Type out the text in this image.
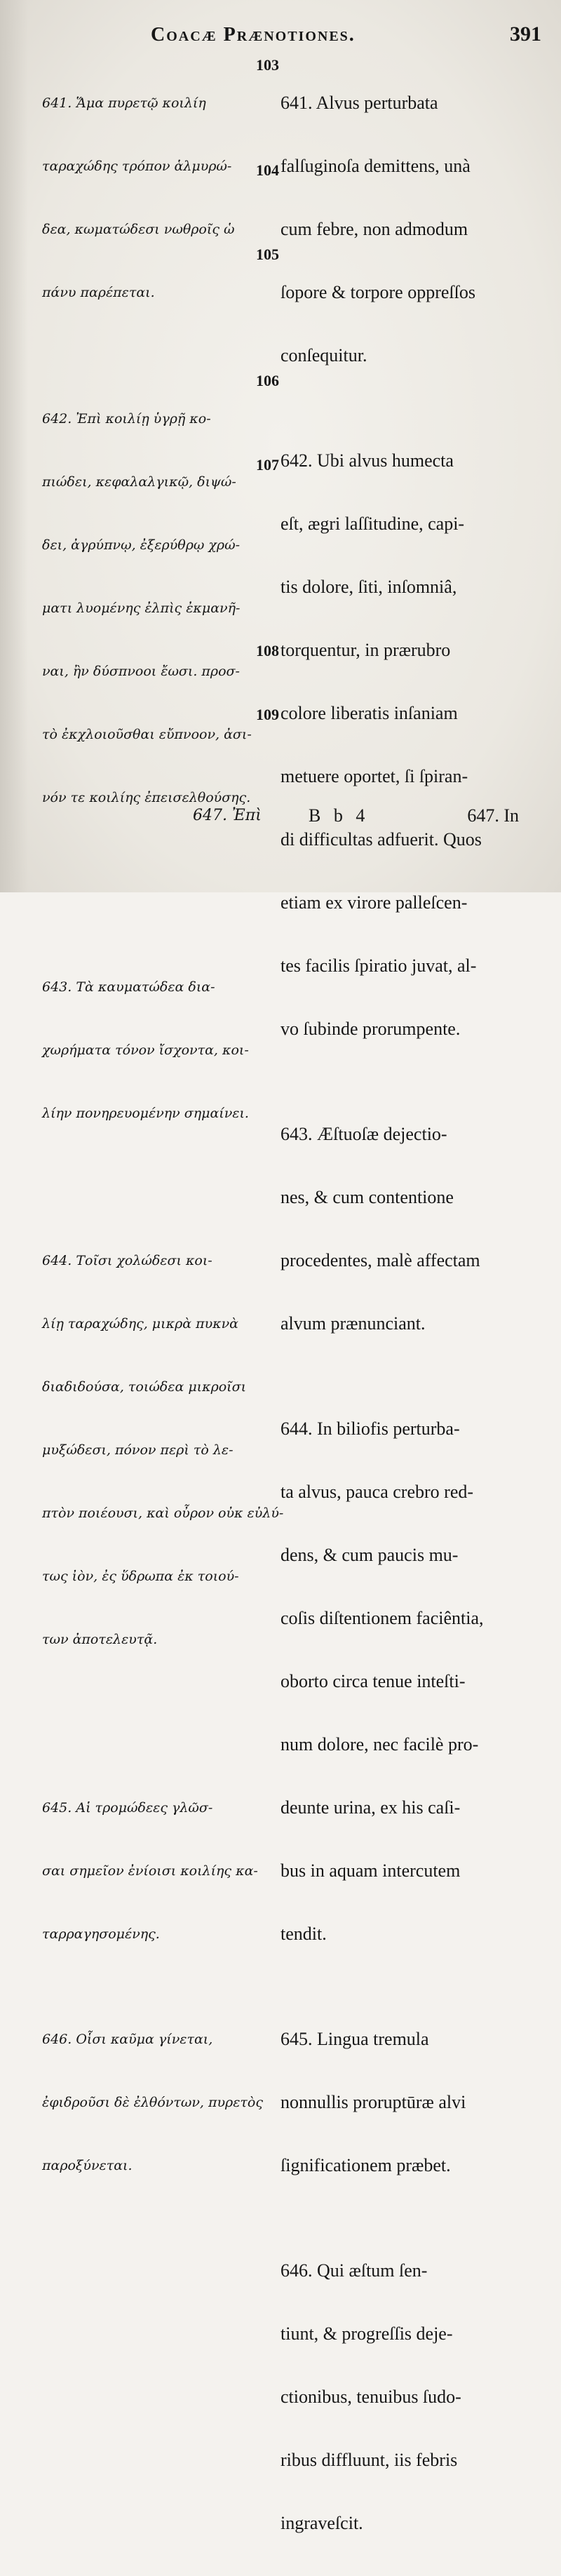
Coacæ Prænotiones.	391

641. Ἅμα πυρετῷ κοιλίη

ταραχώδης τρόπον ἁλμυρώ-

δεα, κωματώδεσι νωθροῖς ὡ

πάνυ παρέπεται.

642. Ἐπὶ κοιλίῃ ὑγρῇ κο-

πιώδει, κεφαλαλγικῷ, διψώ-

δει, ἀγρύπνῳ, ἐξερύθρῳ χρώ-

ματι λυομένης ἐλπὶς ἐκμανῆ-

ναι, ἢν δύσπνοοι ἔωσι. προσ-

τὸ ἐκχλοιοῦσθαι εὔπνοον, ἀσι-

νόν τε κοιλίης ἐπεισελθούσης.

643. Τὰ καυματώδεα δια-

χωρήματα τόνον ἴσχοντα, κοι-

λίην πονηρευομένην σημαίνει.

644. Τοῖσι χολώδεσι κοι-

λίῃ ταραχώδης, μικρὰ πυκνὰ

διαδιδούσα, τοιώδεα μικροῖσι

μυξώδεσι, πόνον περὶ τὸ λε-

πτὸν ποιέουσι, καὶ οὖρον οὐκ εὐλύ-

τως ἰὸν, ἐς ὕδρωπα ἐκ τοιού-

των ἀποτελευτᾷ.

645. Αἱ τρομώδεες γλῶσ-

σαι σημεῖον ἐνίοισι κοιλίης κα-

ταρραγησομένης.

646. Οἷσι καῦμα γίνεται,

ἐφιδροῦσι δὲ ἐλθόντων, πυρετὸς

παροξύνεται.

103
104
105
106
107
108
109

641. Alvus perturbata

falſuginoſa demittens, unà

cum febre, non admodum

ſopore & torpore oppreſſos

conſequitur.

642. Ubi alvus humecta

eſt, ægri laſſitudine, capi-

tis dolore, ſiti, inſomniâ,

torquentur, in prærubro

colore liberatis inſaniam

metuere oportet, ſi ſpiran-

di difficultas adfuerit. Quos

etiam ex virore palleſcen-

tes facilis ſpiratio juvat, al-

vo ſubinde prorumpente.

643. Æſtuoſæ dejectio-

nes, & cum contentione

procedentes, malè affectam

alvum prænunciant.

644. In biliofis perturba-

ta alvus, pauca crebro red-

dens, & cum paucis mu-

coſis diſtentionem faciêntia,

oborto circa tenue inteſti-

num dolore, nec facilè pro-

deunte urina, ex his caſi-

bus in aquam intercutem

tendit.

645. Lingua tremula

nonnullis proruptūræ alvi

ſignificationem præbet.

646. Qui æſtum ſen-

tiunt, & progreſſis deje-

ctionibus, tenuibus ſudo-

ribus diffluunt, iis febris

ingraveſcit.

647. Ἐπὶ	B b 4	647. In
